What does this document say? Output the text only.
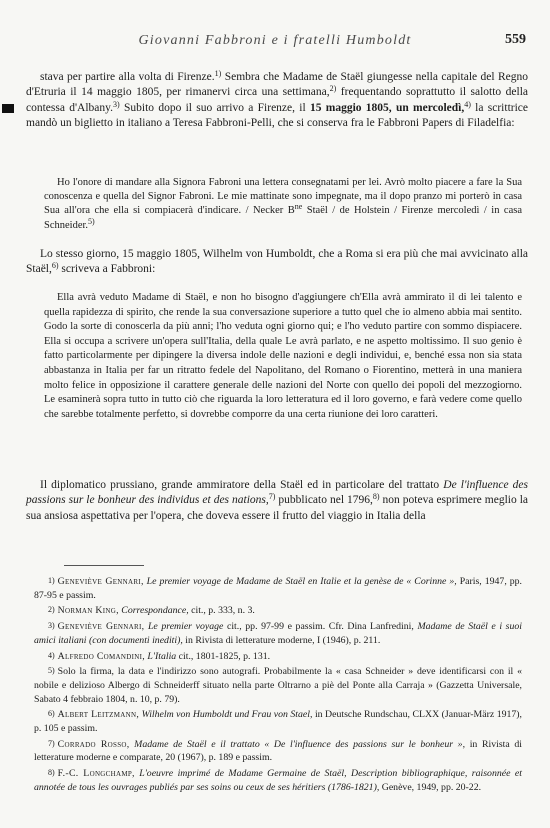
Giovanni Fabbroni e i fratelli Humboldt	559

stava per partire alla volta di Firenze.$^{1)}$ Sembra che Madame de Staël giungesse nella capitale del Regno d'Etruria il 14 maggio 1805, per rimanervi circa una settimana,$^{2)}$ frequentando soprattutto il salotto della contessa d'Albany.$^{3)}$ Subito dopo il suo arrivo a Firenze, il 15 maggio 1805, un mercoledì,$^{4)}$ la scrittrice mandò un biglietto in italiano a Teresa Fabbroni-Pelli, che si conserva fra le Fabbroni Papers di Filadelfia:

Ho l'onore di mandare alla Signora Fabroni una lettera consegnatami per lei. Avrò molto piacere a fare la Sua conoscenza e quella del Signor Fabroni. Le mie mattinate sono impegnate, ma il dopo pranzo mi porterò in casa Sua all'ora che ella si compiacerà d'indicare. / Necker $B^{ne}$ Staël / de Holstein / Firenze mercoledì / in casa Schneider.$^{5)}$

Lo stesso giorno, 15 maggio 1805, Wilhelm von Humboldt, che a Roma si era più che mai avvicinato alla Staël,$^{6)}$ scriveva a Fabbroni:

Ella avrà veduto Madame di Staël, e non ho bisogno d'aggiungere ch'Ella avrà ammirato il di lei talento e quella rapidezza di spirito, che rende la sua conversazione superiore a tutto quel che io almeno abbia mai sentito. Godo la sorte di conoscerla da più anni; l'ho veduta ogni giorno qui; e l'ho veduto partire con sommo dispiacere. Ella si occupa a scrivere un'opera sull'Italia, della quale Le avrà parlato, e ne aspetto moltissimo. Il suo genio è fatto particolarmente per dipingere la diversa indole delle nazioni e degli individui, e, benché essa non sia stata abbastanza in Italia per far un ritratto fedele del Napolitano, del Romano o Fiorentino, metterà in una maniera molto felice in opposizione il carattere generale delle nazioni del Norte con quello dei popoli del mezzogiorno. Le esaminerà sopra tutto in tutto ciò che riguarda la loro letteratura ed il loro governo, e farà vedere come quello che sarebbe totalmente perfetto, si dovrebbe comporre da una certa riunione dei loro caratteri.

Il diplomatico prussiano, grande ammiratore della Staël ed in particolare del trattato De l'influence des passions sur le bonheur des individus et des nations,$^{7)}$ pubblicato nel 1796,$^{8)}$ non poteva esprimere meglio la sua ansiosa aspettativa per l'opera, che doveva essere il frutto del viaggio in Italia della

1) Geneviève Gennari, Le premier voyage de Madame de Staël en Italie et la genèse de « Corinne », Paris, 1947, pp. 87-95 e passim.

2) Norman King, Correspondance, cit., p. 333, n. 3.

3) Geneviève Gennari, Le premier voyage cit., pp. 97-99 e passim. Cfr. Dina Lanfredini, Madame de Staël e i suoi amici italiani (con documenti inediti), in Rivista di letterature moderne, I (1946), p. 211.

4) Alfredo Comandini, L'Italia cit., 1801-1825, p. 131.

5) Solo la firma, la data e l'indirizzo sono autografi. Probabilmente la « casa Schneider » deve identificarsi con il « nobile e delizioso Albergo di Schneiderff situato nella parte Oltrarno a piè del Ponte alla Carraja » (Gazzetta Universale, Sabato 4 febbraio 1804, n. 10, p. 79).

6) Albert Leitzmann, Wilhelm von Humboldt und Frau von Stael, in Deutsche Rundschau, CLXX (Januar-März 1917), p. 105 e passim.

7) Corrado Rosso, Madame de Staël e il trattato « De l'influence des passions sur le bonheur », in Rivista di letterature moderne e comparate, 20 (1967), p. 189 e passim.

8) F.-C. Longchamp, L'oeuvre imprimé de Madame Germaine de Staël, Description bibliographique, raisonnée et annotée de tous les ouvrages publiés par ses soins ou ceux de ses héritiers (1786-1821), Genève, 1949, pp. 20-22.
